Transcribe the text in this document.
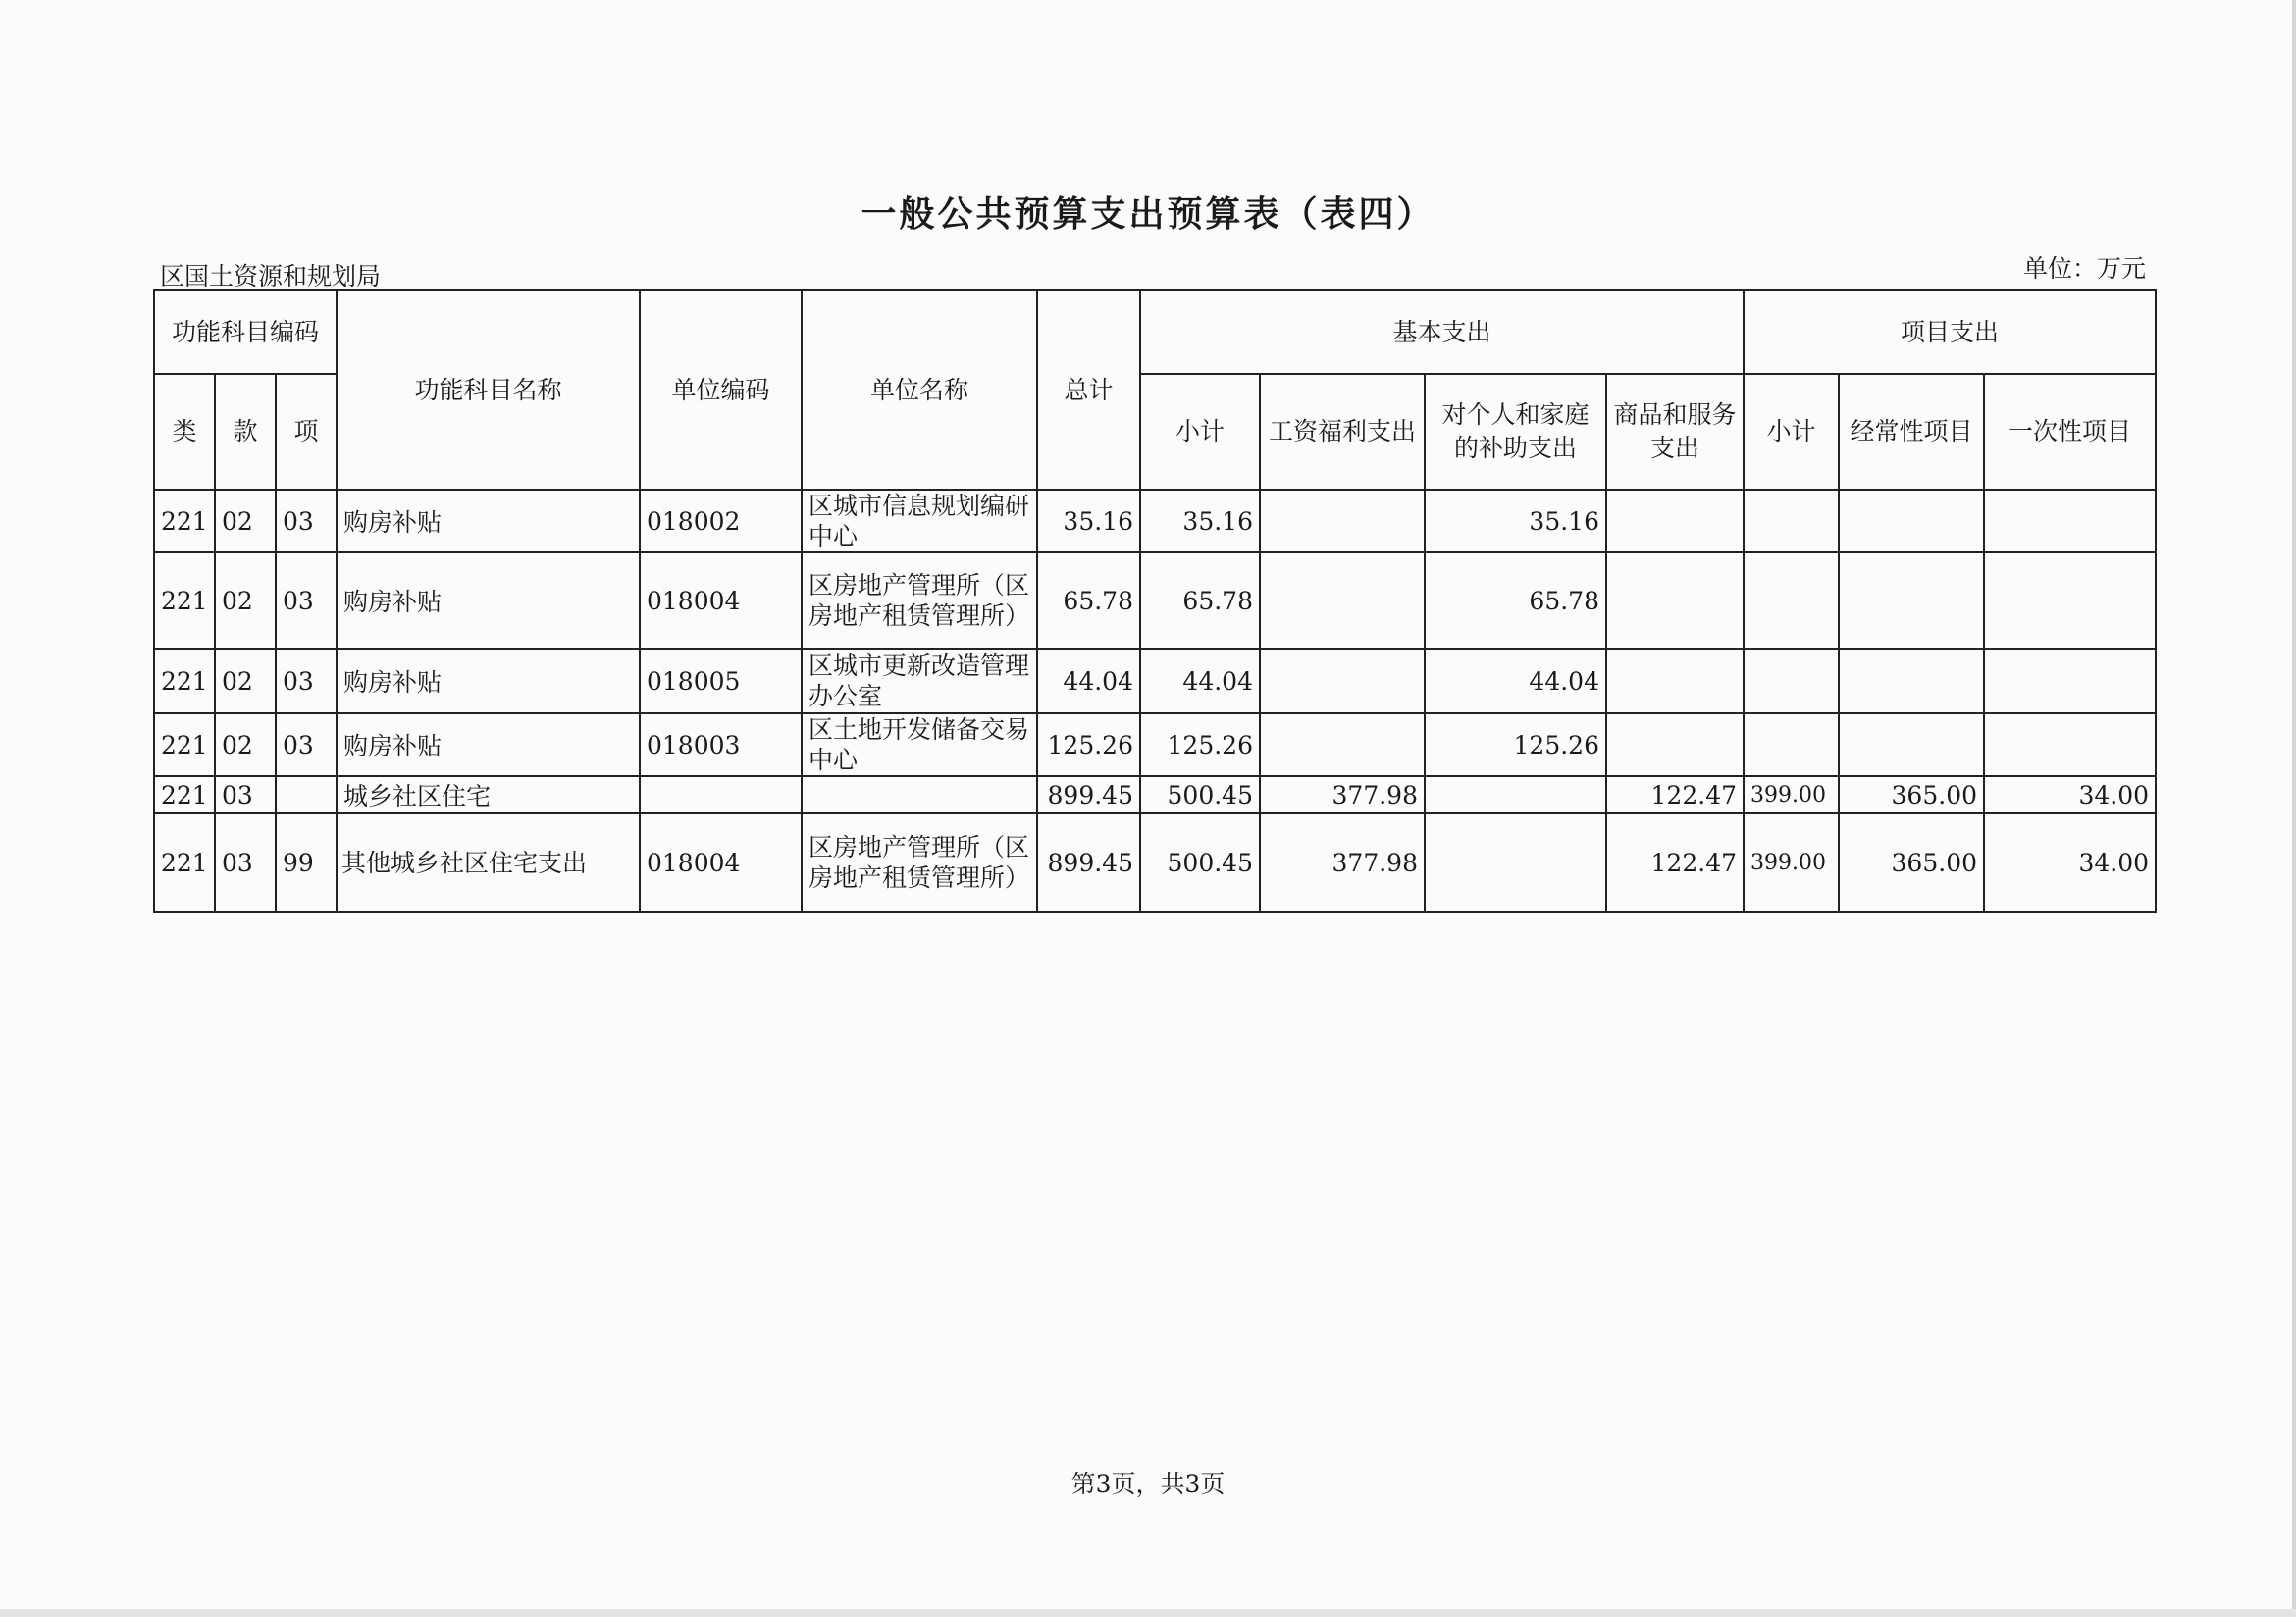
一般公共预算支出预算表（表四）
区国土资源和规划局	单位：万元
功能科目编码			功能科目名称	单位编码	单位名称	总计	基本支出				项目支出		
类	款	项					小计	工资福利支出	对个人和家庭的补助支出	商品和服务支出	小计	经常性项目	一次性项目
221	02	03	购房补贴	018002	区城市信息规划编研中心	35.16	35.16		35.16				
221	02	03	购房补贴	018004	区房地产管理所（区房地产租赁管理所）	65.78	65.78		65.78				
221	02	03	购房补贴	018005	区城市更新改造管理办公室	44.04	44.04		44.04				
221	02	03	购房补贴	018003	区土地开发储备交易中心	125.26	125.26		125.26				
221	03		城乡社区住宅			899.45	500.45	377.98		122.47	399.00	365.00	34.00
221	03	99	其他城乡社区住宅支出	018004	区房地产管理所（区房地产租赁管理所）	899.45	500.45	377.98		122.47	399.00	365.00	34.00
第3页，共3页
